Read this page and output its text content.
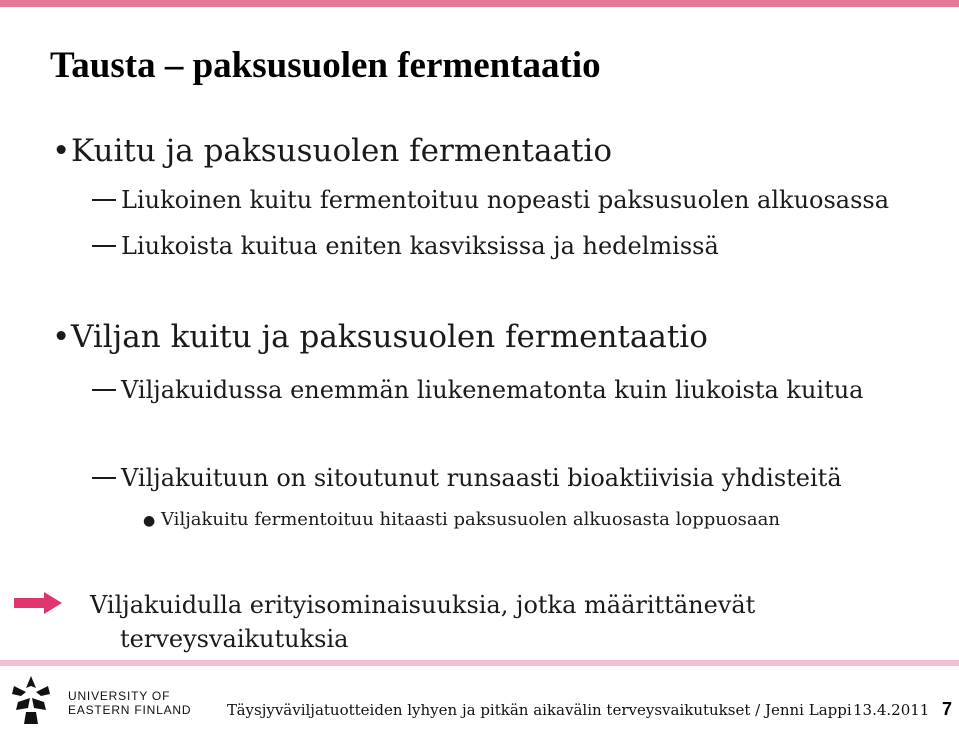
Tausta – paksusuolen fermentaatio
•Kuitu ja paksusuolen fermentaatio
Liukoinen kuitu fermentoituu nopeasti paksusuolen alkuosassa
Liukoista kuitua eniten kasviksissa ja hedelmissä
•Viljan kuitu ja paksusuolen fermentaatio
Viljakuidussa enemmän liukenematonta kuin liukoista kuitua
Viljakuituun on sitoutunut runsaasti bioaktiivisia yhdisteitä
● Viljakuitu fermentoituu hitaasti paksusuolen alkuosasta loppuosaan
Viljakuidulla erityisominaisuuksia, jotka määrittänevät
terveysvaikutuksia
UNIVERSITY OF
EASTERN FINLAND Täysjyväviljatuotteiden lyhyen ja pitkän aikavälin terveysvaikutukset / Jenni Lappi 13.4.2011 7
